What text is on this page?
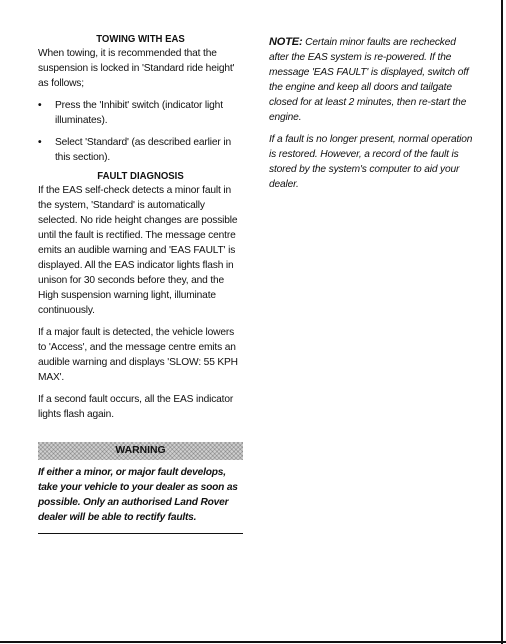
TOWING WITH EAS

When towing, it is recommended that the suspension is locked in 'Standard ride height' as follows;

• Press the 'Inhibit' switch (indicator light illuminates).
• Select 'Standard' (as described earlier in this section).
FAULT DIAGNOSIS

If the EAS self-check detects a minor fault in the system, 'Standard' is automatically selected. No ride height changes are possible until the fault is rectified. The message centre emits an audible warning and 'EAS FAULT' is displayed. All the EAS indicator lights flash in unison for 30 seconds before they, and the High suspension warning light, illuminate continuously.

If a major fault is detected, the vehicle lowers to 'Access', and the message centre emits an audible warning and displays 'SLOW: 55 KPH MAX'.

If a second fault occurs, all the EAS indicator lights flash again.

WARNING

If either a minor, or major fault develops, take your vehicle to your dealer as soon as possible. Only an authorised Land Rover dealer will be able to rectify faults.

NOTE: Certain minor faults are rechecked after the EAS system is re-powered. If the message 'EAS FAULT' is displayed, switch off the engine and keep all doors and tailgate closed for at least 2 minutes, then re-start the engine.

If a fault is no longer present, normal operation is restored. However, a record of the fault is stored by the system's computer to aid your dealer.
